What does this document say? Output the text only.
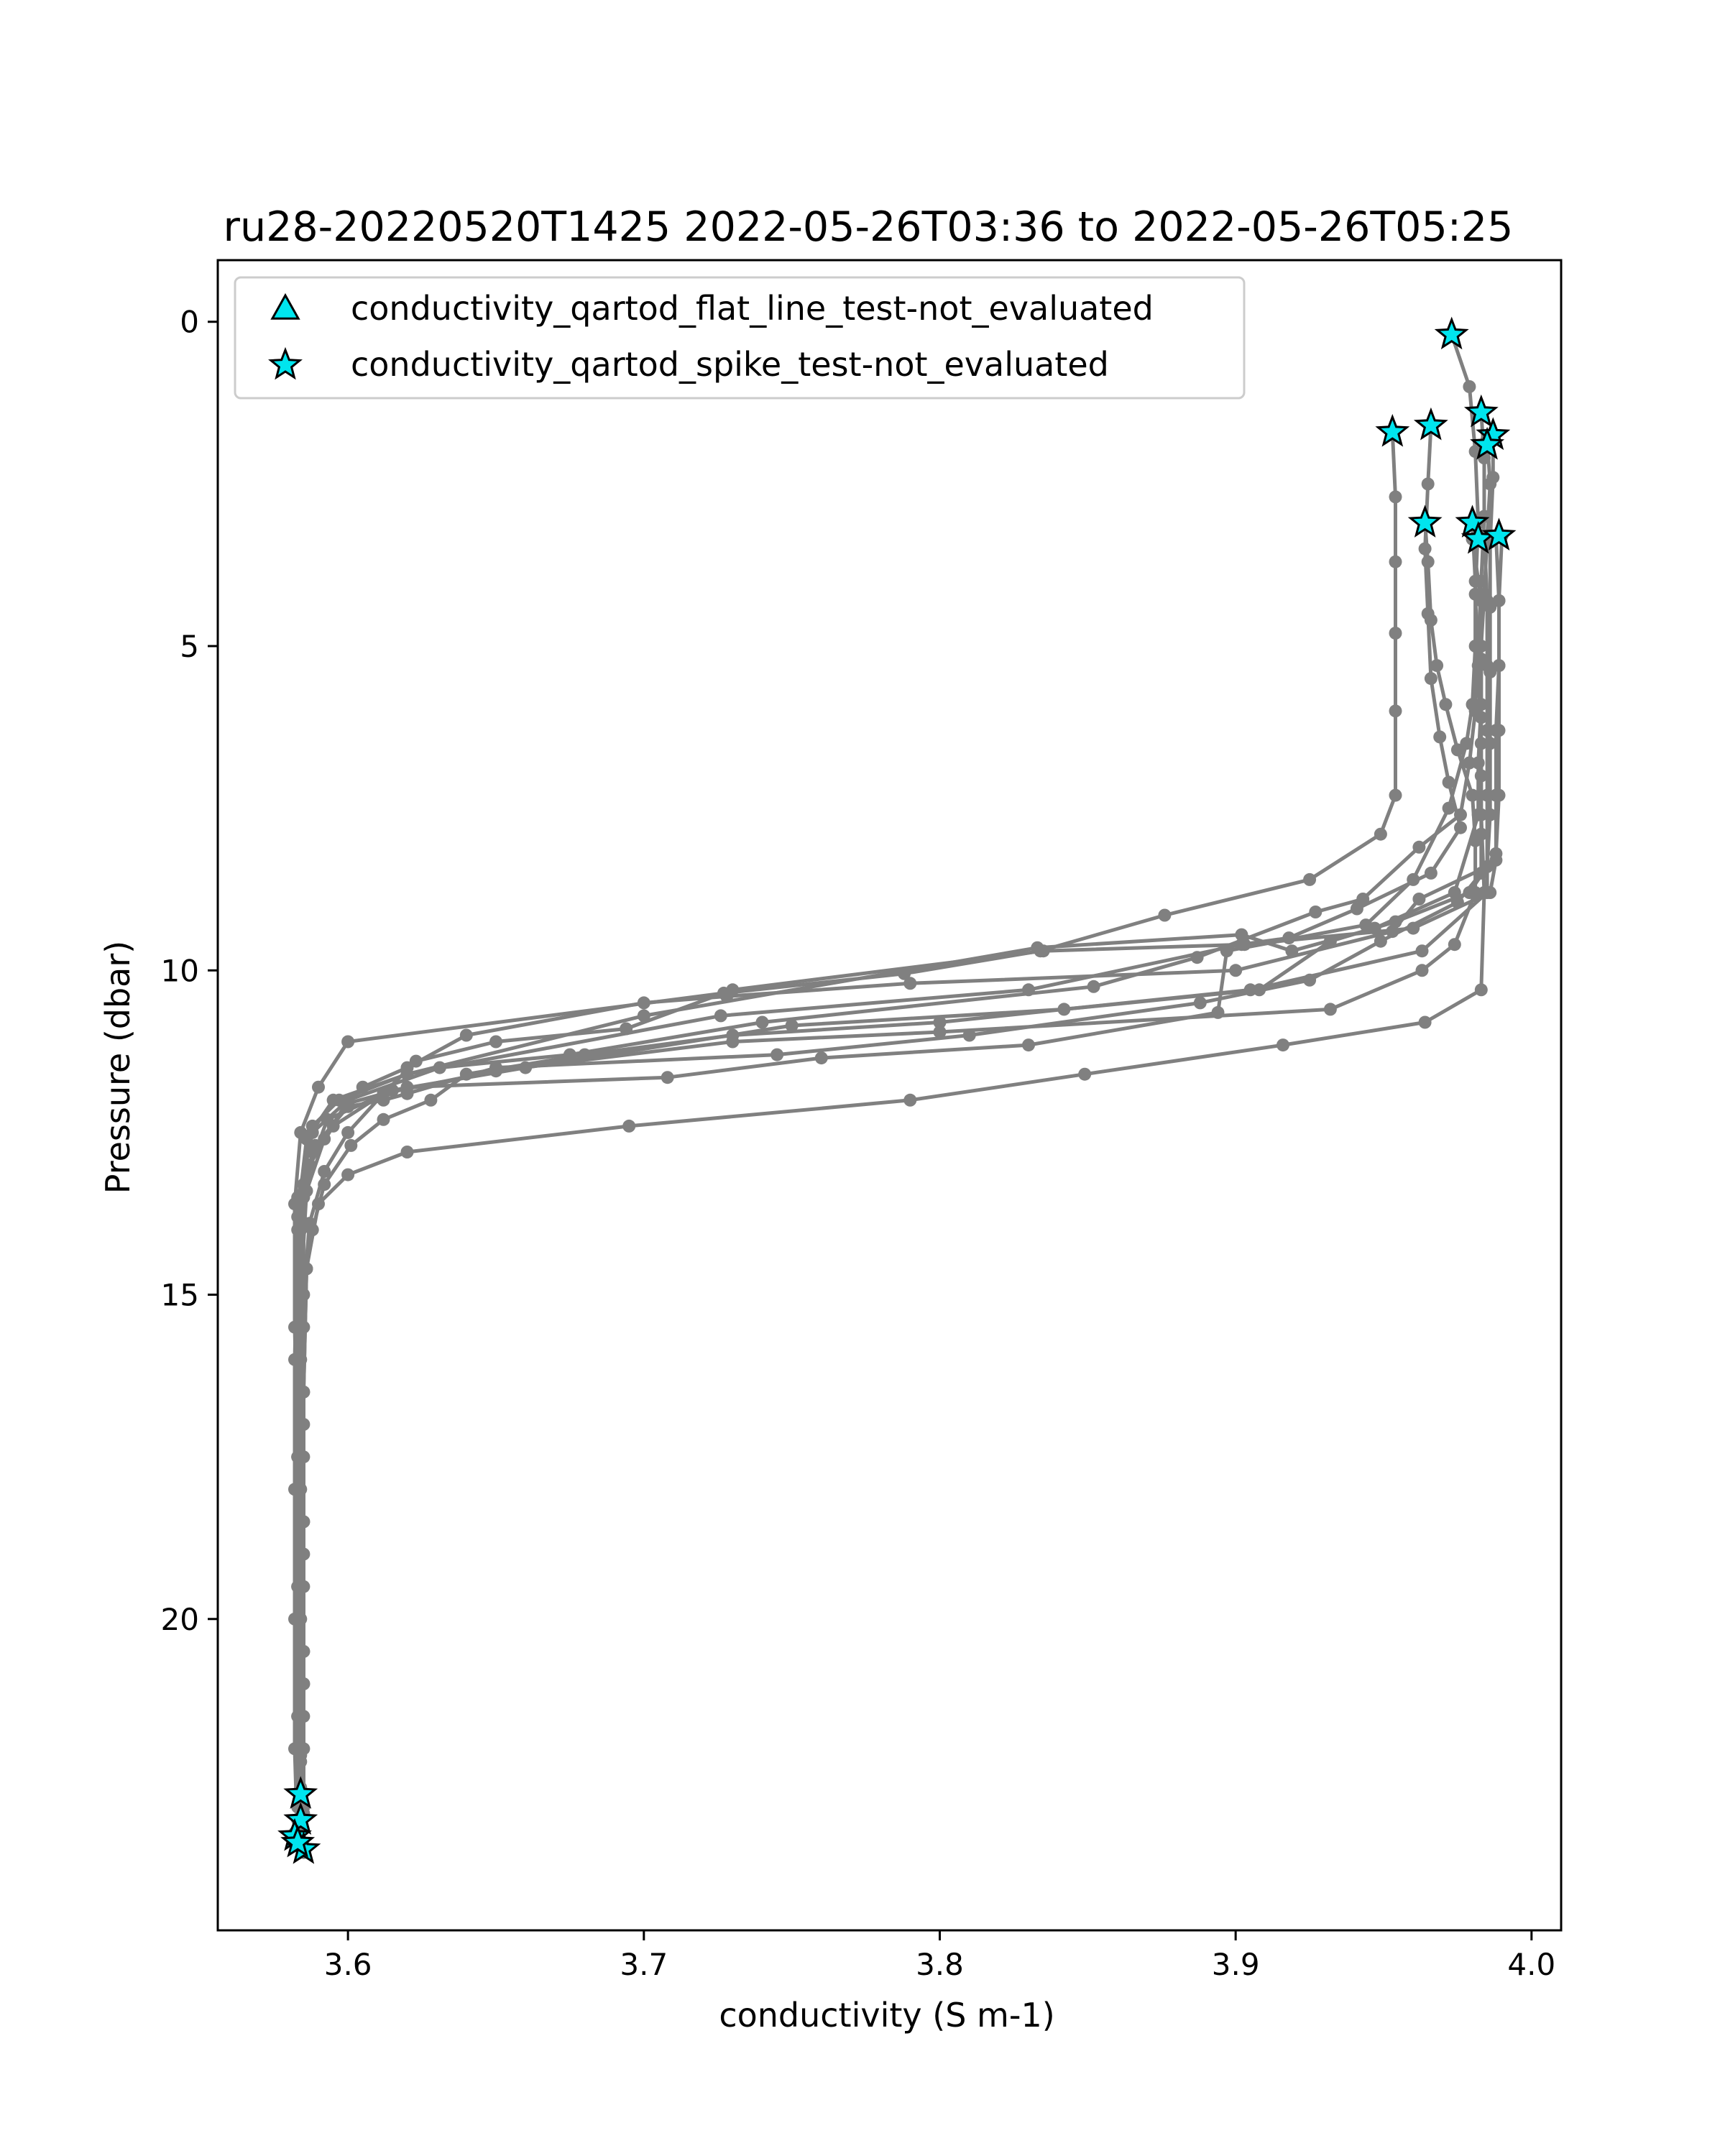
ru28-20220520T1425 2022-05-26T03:36 to 2022-05-26T05:25
3.6	3.7	3.8	3.9	4.0
0
5
10
15
20
conductivity (S m-1)
Pressure (dbar)
conductivity_qartod_flat_line_test-not_evaluated
conductivity_qartod_spike_test-not_evaluated
